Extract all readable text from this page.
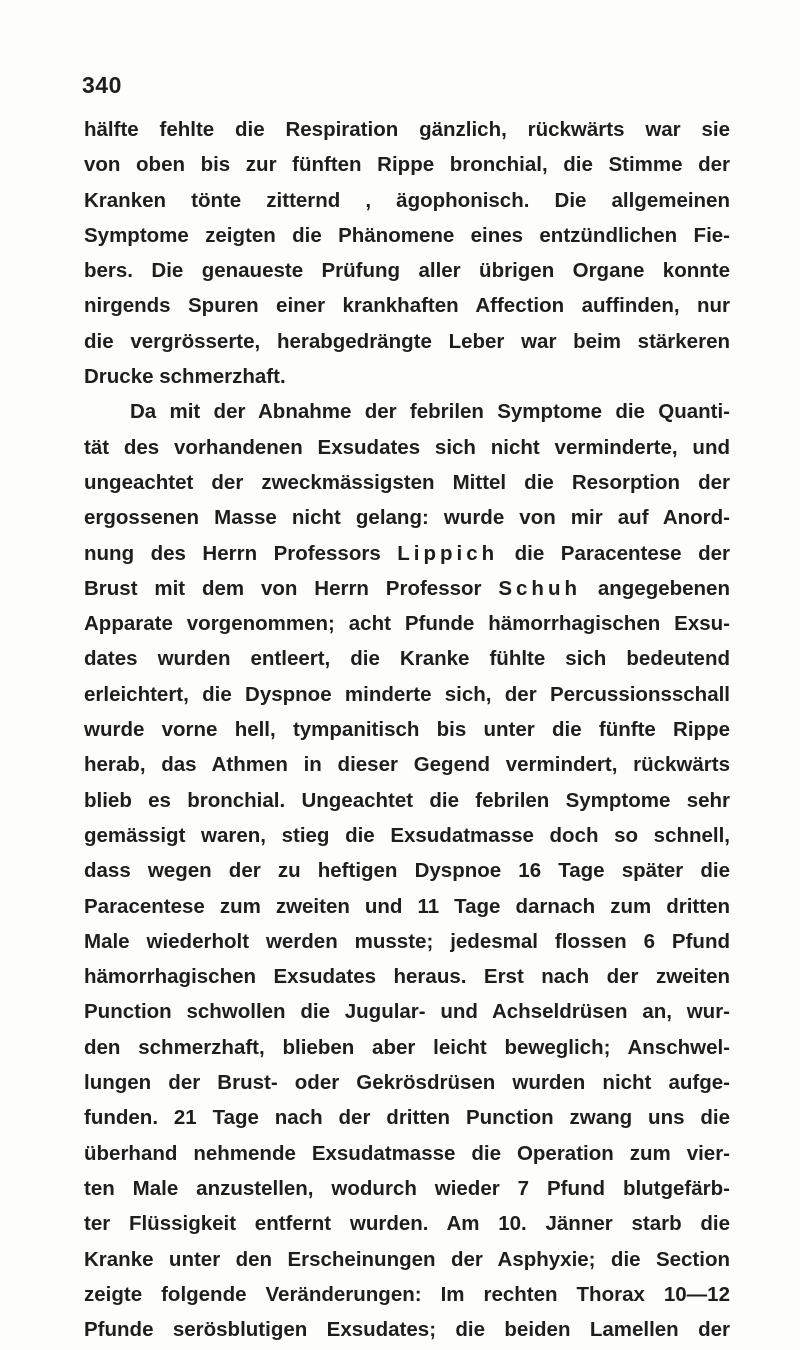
340
hälfte fehlte die Respiration gänzlich, rückwärts war sie
von oben bis zur fünften Rippe bronchial, die Stimme der
Kranken tönte zitternd , ägophonisch. Die allgemeinen
Symptome zeigten die Phänomene eines entzündlichen Fie-
bers. Die genaueste Prüfung aller übrigen Organe konnte
nirgends Spuren einer krankhaften Affection auffinden, nur
die vergrösserte, herabgedrängte Leber war beim stärkeren
Drucke schmerzhaft.
Da mit der Abnahme der febrilen Symptome die Quanti-
tät des vorhandenen Exsudates sich nicht verminderte, und
ungeachtet der zweckmässigsten Mittel die Resorption der
ergossenen Masse nicht gelang: wurde von mir auf Anord-
nung des Herrn Professors Lippich die Paracentese der
Brust mit dem von Herrn Professor Schuh angegebenen
Apparate vorgenommen; acht Pfunde hämorrhagischen Exsu-
dates wurden entleert, die Kranke fühlte sich bedeutend
erleichtert, die Dyspnoe minderte sich, der Percussionsschall
wurde vorne hell, tympanitisch bis unter die fünfte Rippe
herab, das Athmen in dieser Gegend vermindert, rückwärts
blieb es bronchial. Ungeachtet die febrilen Symptome sehr
gemässigt waren, stieg die Exsudatmasse doch so schnell,
dass wegen der zu heftigen Dyspnoe 16 Tage später die
Paracentese zum zweiten und 11 Tage darnach zum dritten
Male wiederholt werden musste; jedesmal flossen 6 Pfund
hämorrhagischen Exsudates heraus. Erst nach der zweiten
Punction schwollen die Jugular- und Achseldrüsen an, wur-
den schmerzhaft, blieben aber leicht beweglich; Anschwel-
lungen der Brust- oder Gekrösdrüsen wurden nicht aufge-
funden. 21 Tage nach der dritten Punction zwang uns die
überhand nehmende Exsudatmasse die Operation zum vier-
ten Male anzustellen, wodurch wieder 7 Pfund blutgefärb-
ter Flüssigkeit entfernt wurden. Am 10. Jänner starb die
Kranke unter den Erscheinungen der Asphyxie; die Section
zeigte folgende Veränderungen: Im rechten Thorax 10—12
Pfunde serösblutigen Exsudates; die beiden Lamellen der
